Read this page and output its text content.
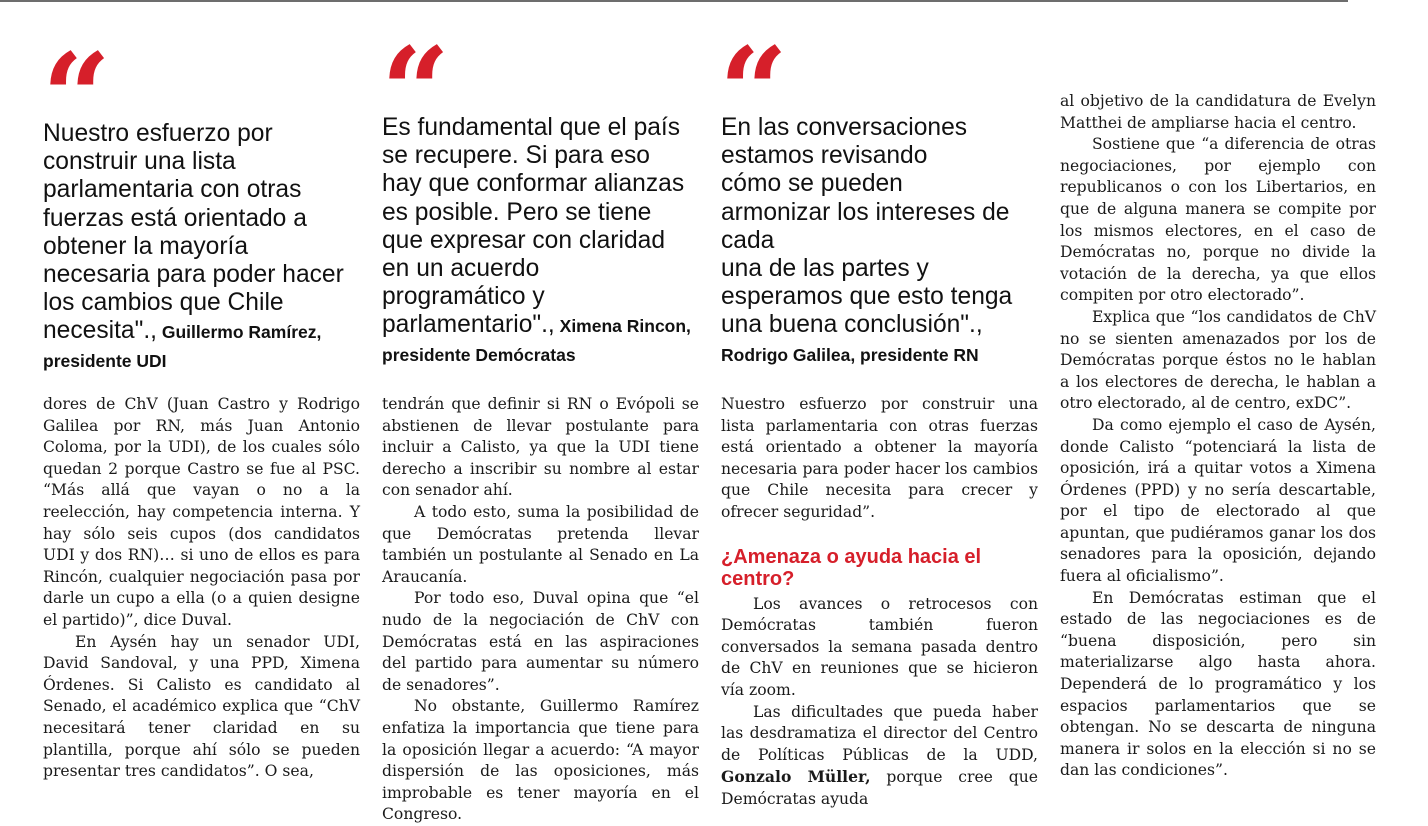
“
Nuestro esfuerzo por
construir una lista
parlamentaria con otras
fuerzas está orientado a
obtener la mayoría
necesaria para poder hacer
los cambios que Chile
necesita"., Guillermo Ramírez,
presidente UDI
“
Es fundamental que el país
se recupere. Si para eso
hay que conformar alianzas
es posible. Pero se tiene
que expresar con claridad
en un acuerdo
programático y
parlamentario"., Ximena Rincon,
presidente Demócratas
“
En las conversaciones
estamos revisando
cómo se pueden
armonizar los intereses de
cada
una de las partes y
esperamos que esto tenga
una buena conclusión".,
Rodrigo Galilea, presidente RN

dores de ChV (Juan Castro y Rodrigo Galilea por RN, más Juan Antonio Coloma, por la UDI), de los cuales sólo quedan 2 porque Castro se fue al PSC. “Más allá que vayan o no a la reelección, hay competencia interna. Y hay sólo seis cupos (dos candidatos UDI y dos RN)… si uno de ellos es para Rincón, cualquier negociación pasa por darle un cupo a ella (o a quien designe el partido)”, dice Duval.

En Aysén hay un senador UDI, David Sandoval, y una PPD, Ximena Órdenes. Si Calisto es candidato al Senado, el académico explica que “ChV necesitará tener claridad en su plantilla, porque ahí sólo se pueden presentar tres candidatos”. O sea,

tendrán que definir si RN o Evópoli se abstienen de llevar postulante para incluir a Calisto, ya que la UDI tiene derecho a inscribir su nombre al estar con senador ahí.

A todo esto, suma la posibilidad de que Demócratas pretenda llevar también un postulante al Senado en La Araucanía.

Por todo eso, Duval opina que “el nudo de la negociación de ChV con Demócratas está en las aspiraciones del partido para aumentar su número de senadores”.

No obstante, Guillermo Ramírez enfatiza la importancia que tiene para la oposición llegar a acuerdo: “A mayor dispersión de las oposiciones, más improbable es tener mayoría en el Congreso.

Nuestro esfuerzo por construir una lista parlamentaria con otras fuerzas está orientado a obtener la mayoría necesaria para poder hacer los cambios que Chile necesita para crecer y ofrecer seguridad”.

¿Amenaza o ayuda hacia el centro?

Los avances o retrocesos con Demócratas también fueron conversados la semana pasada dentro de ChV en reuniones que se hicieron vía zoom.

Las dificultades que pueda haber las desdramatiza el director del Centro de Políticas Públicas de la UDD, Gonzalo Müller, porque cree que Demócratas ayuda

al objetivo de la candidatura de Evelyn Matthei de ampliarse hacia el centro.

Sostiene que “a diferencia de otras negociaciones, por ejemplo con republicanos o con los Libertarios, en que de alguna manera se compite por los mismos electores, en el caso de Demócratas no, porque no divide la votación de la derecha, ya que ellos compiten por otro electorado”.

Explica que “los candidatos de ChV no se sienten amenazados por los de Demócratas porque éstos no le hablan a los electores de derecha, le hablan a otro electorado, al de centro, exDC”.

Da como ejemplo el caso de Aysén, donde Calisto “potenciará la lista de oposición, irá a quitar votos a Ximena Órdenes (PPD) y no sería descartable, por el tipo de electorado al que apuntan, que pudiéramos ganar los dos senadores para la oposición, dejando fuera al oficialismo”.

En Demócratas estiman que el estado de las negociaciones es de “buena disposición, pero sin materializarse algo hasta ahora. Dependerá de lo programático y los espacios parlamentarios que se obtengan. No se descarta de ninguna manera ir solos en la elección si no se dan las condiciones”.
